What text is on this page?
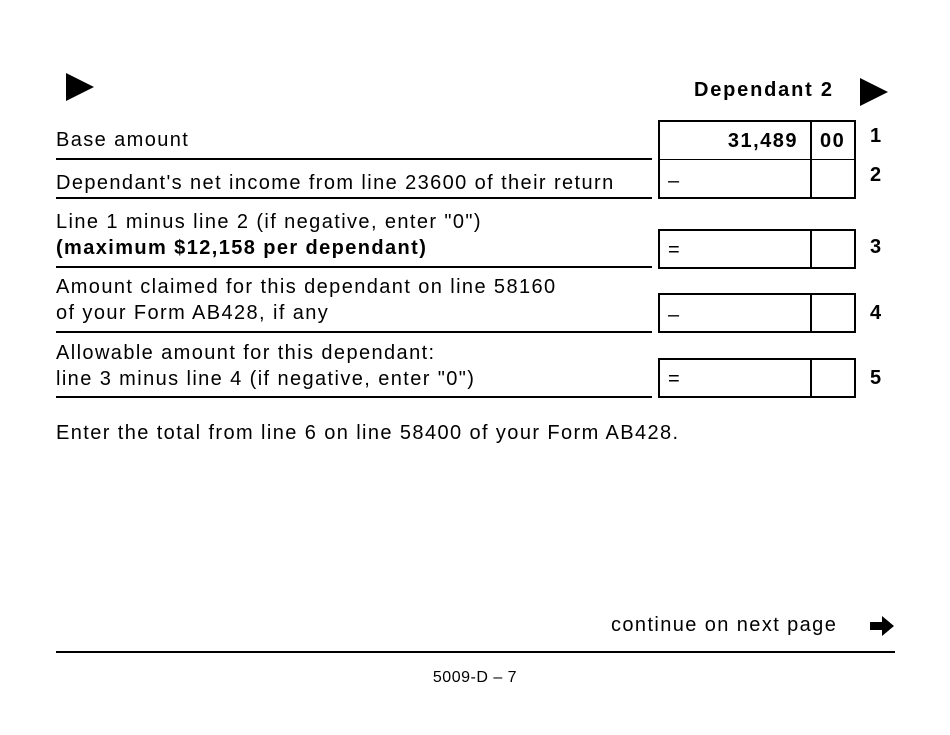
Dependant 2
Base amount	31,489 00 1
Dependant's net income from line 23600 of their return	–	2
Line 1 minus line 2 (if negative, enter "0")
(maximum $12,158 per dependant)	=	3
Amount claimed for this dependant on line 58160
of your Form AB428, if any	–	4
Allowable amount for this dependant:
line 3 minus line 4 (if negative, enter "0")	=	5
Enter the total from line 6 on line 58400 of your Form AB428.
continue on next page
5009-D – 7
